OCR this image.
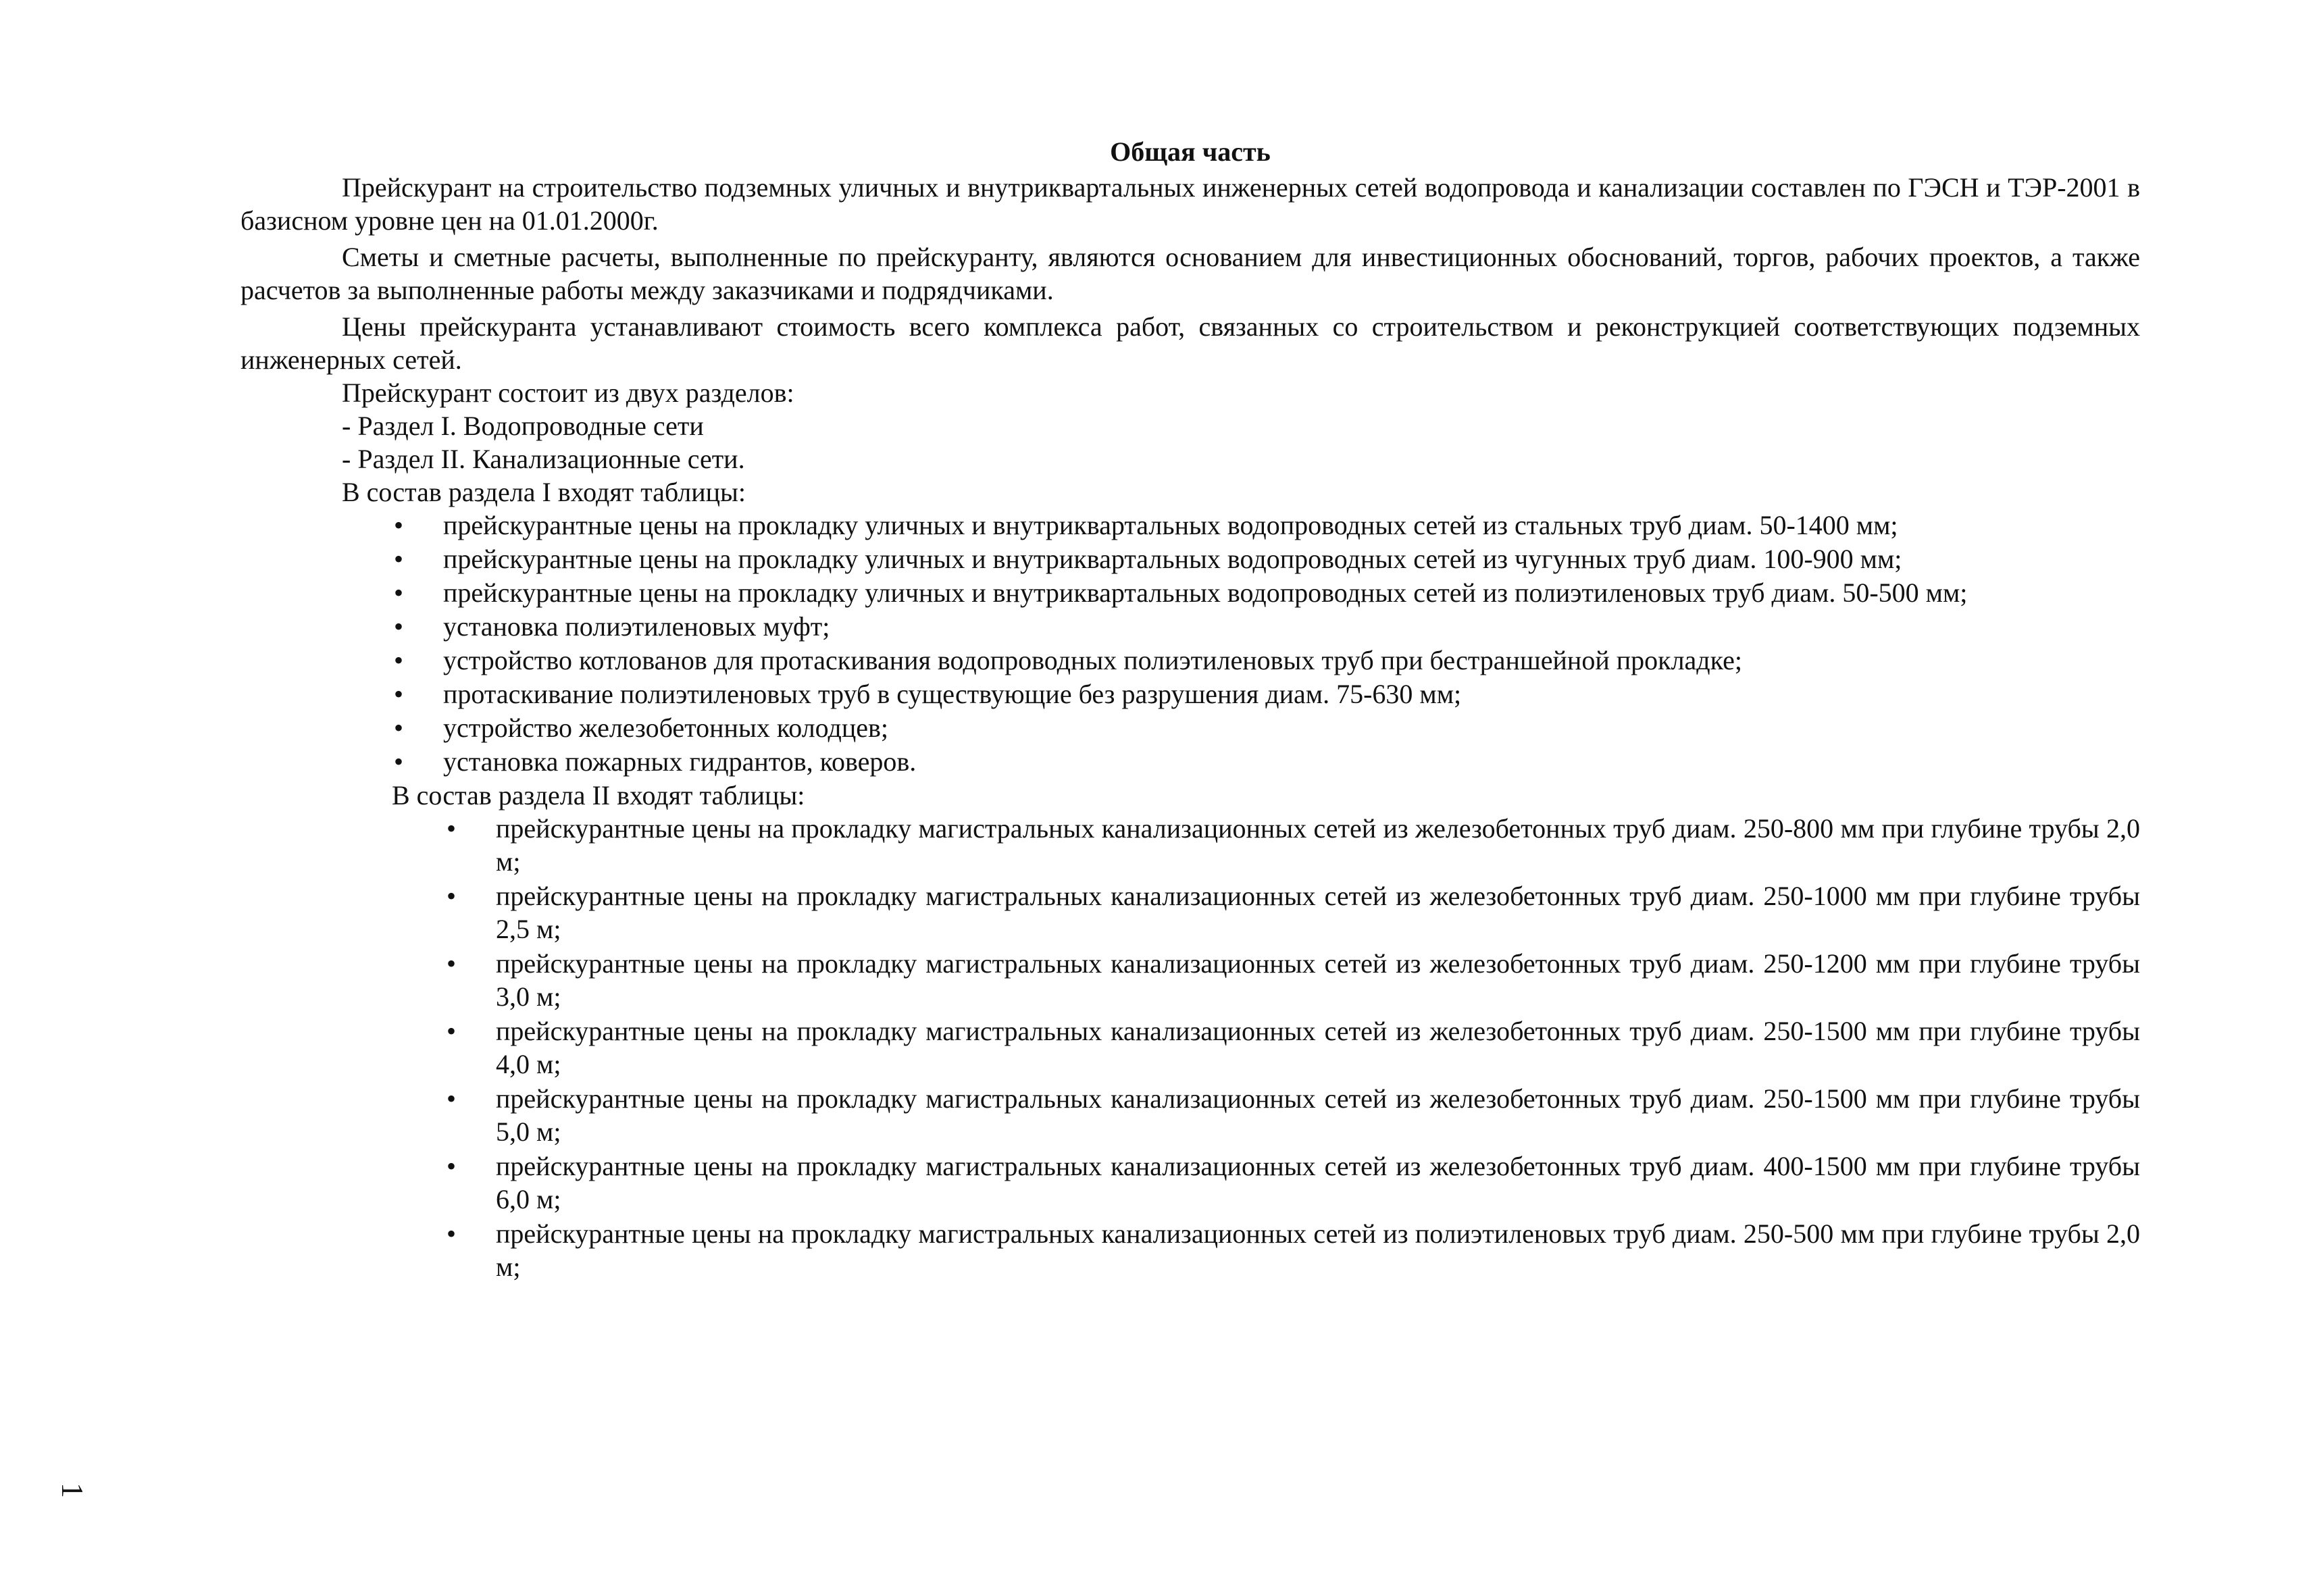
Общая часть

Прейскурант на строительство подземных уличных и внутриквартальных инженерных сетей водопровода и канализации составлен по ГЭСН и ТЭР-2001 в базисном уровне цен на 01.01.2000г.

Сметы и сметные расчеты, выполненные по прейскуранту, являются основанием для инвестиционных обоснований, торгов, рабочих проектов, а также расчетов за выполненные работы между заказчиками и подрядчиками.

Цены прейскуранта устанавливают стоимость всего комплекса работ, связанных со строительством и реконструкцией соответствующих подземных инженерных сетей.

Прейскурант состоит из двух разделов:

- Раздел I. Водопроводные сети

- Раздел II. Канализационные сети.

В состав раздела I входят таблицы:

• прейскурантные цены на прокладку уличных и внутриквартальных водопроводных сетей из стальных труб диам. 50-1400 мм;
• прейскурантные цены на прокладку уличных и внутриквартальных водопроводных сетей из чугунных труб диам. 100-900 мм;
• прейскурантные цены на прокладку уличных и внутриквартальных водопроводных сетей из полиэтиленовых труб диам. 50-500 мм;
• установка полиэтиленовых муфт;
• устройство котлованов для протаскивания водопроводных полиэтиленовых труб при бестраншейной прокладке;
• протаскивание полиэтиленовых труб в существующие без разрушения диам. 75-630 мм;
• устройство железобетонных колодцев;
• установка пожарных гидрантов, коверов.

В состав раздела II входят таблицы:

• прейскурантные цены на прокладку магистральных канализационных сетей из железобетонных труб диам. 250-800 мм при глубине трубы 2,0 м;
• прейскурантные цены на прокладку магистральных канализационных сетей из железобетонных труб диам. 250-1000 мм при глубине трубы 2,5 м;
• прейскурантные цены на прокладку магистральных канализационных сетей из железобетонных труб диам. 250-1200 мм при глубине трубы 3,0 м;
• прейскурантные цены на прокладку магистральных канализационных сетей из железобетонных труб диам. 250-1500 мм при глубине трубы 4,0 м;
• прейскурантные цены на прокладку магистральных канализационных сетей из железобетонных труб диам. 250-1500 мм при глубине трубы 5,0 м;
• прейскурантные цены на прокладку магистральных канализационных сетей из железобетонных труб диам. 400-1500 мм при глубине трубы 6,0 м;
• прейскурантные цены на прокладку магистральных канализационных сетей из полиэтиленовых труб диам. 250-500 мм при глубине трубы 2,0 м;
1
